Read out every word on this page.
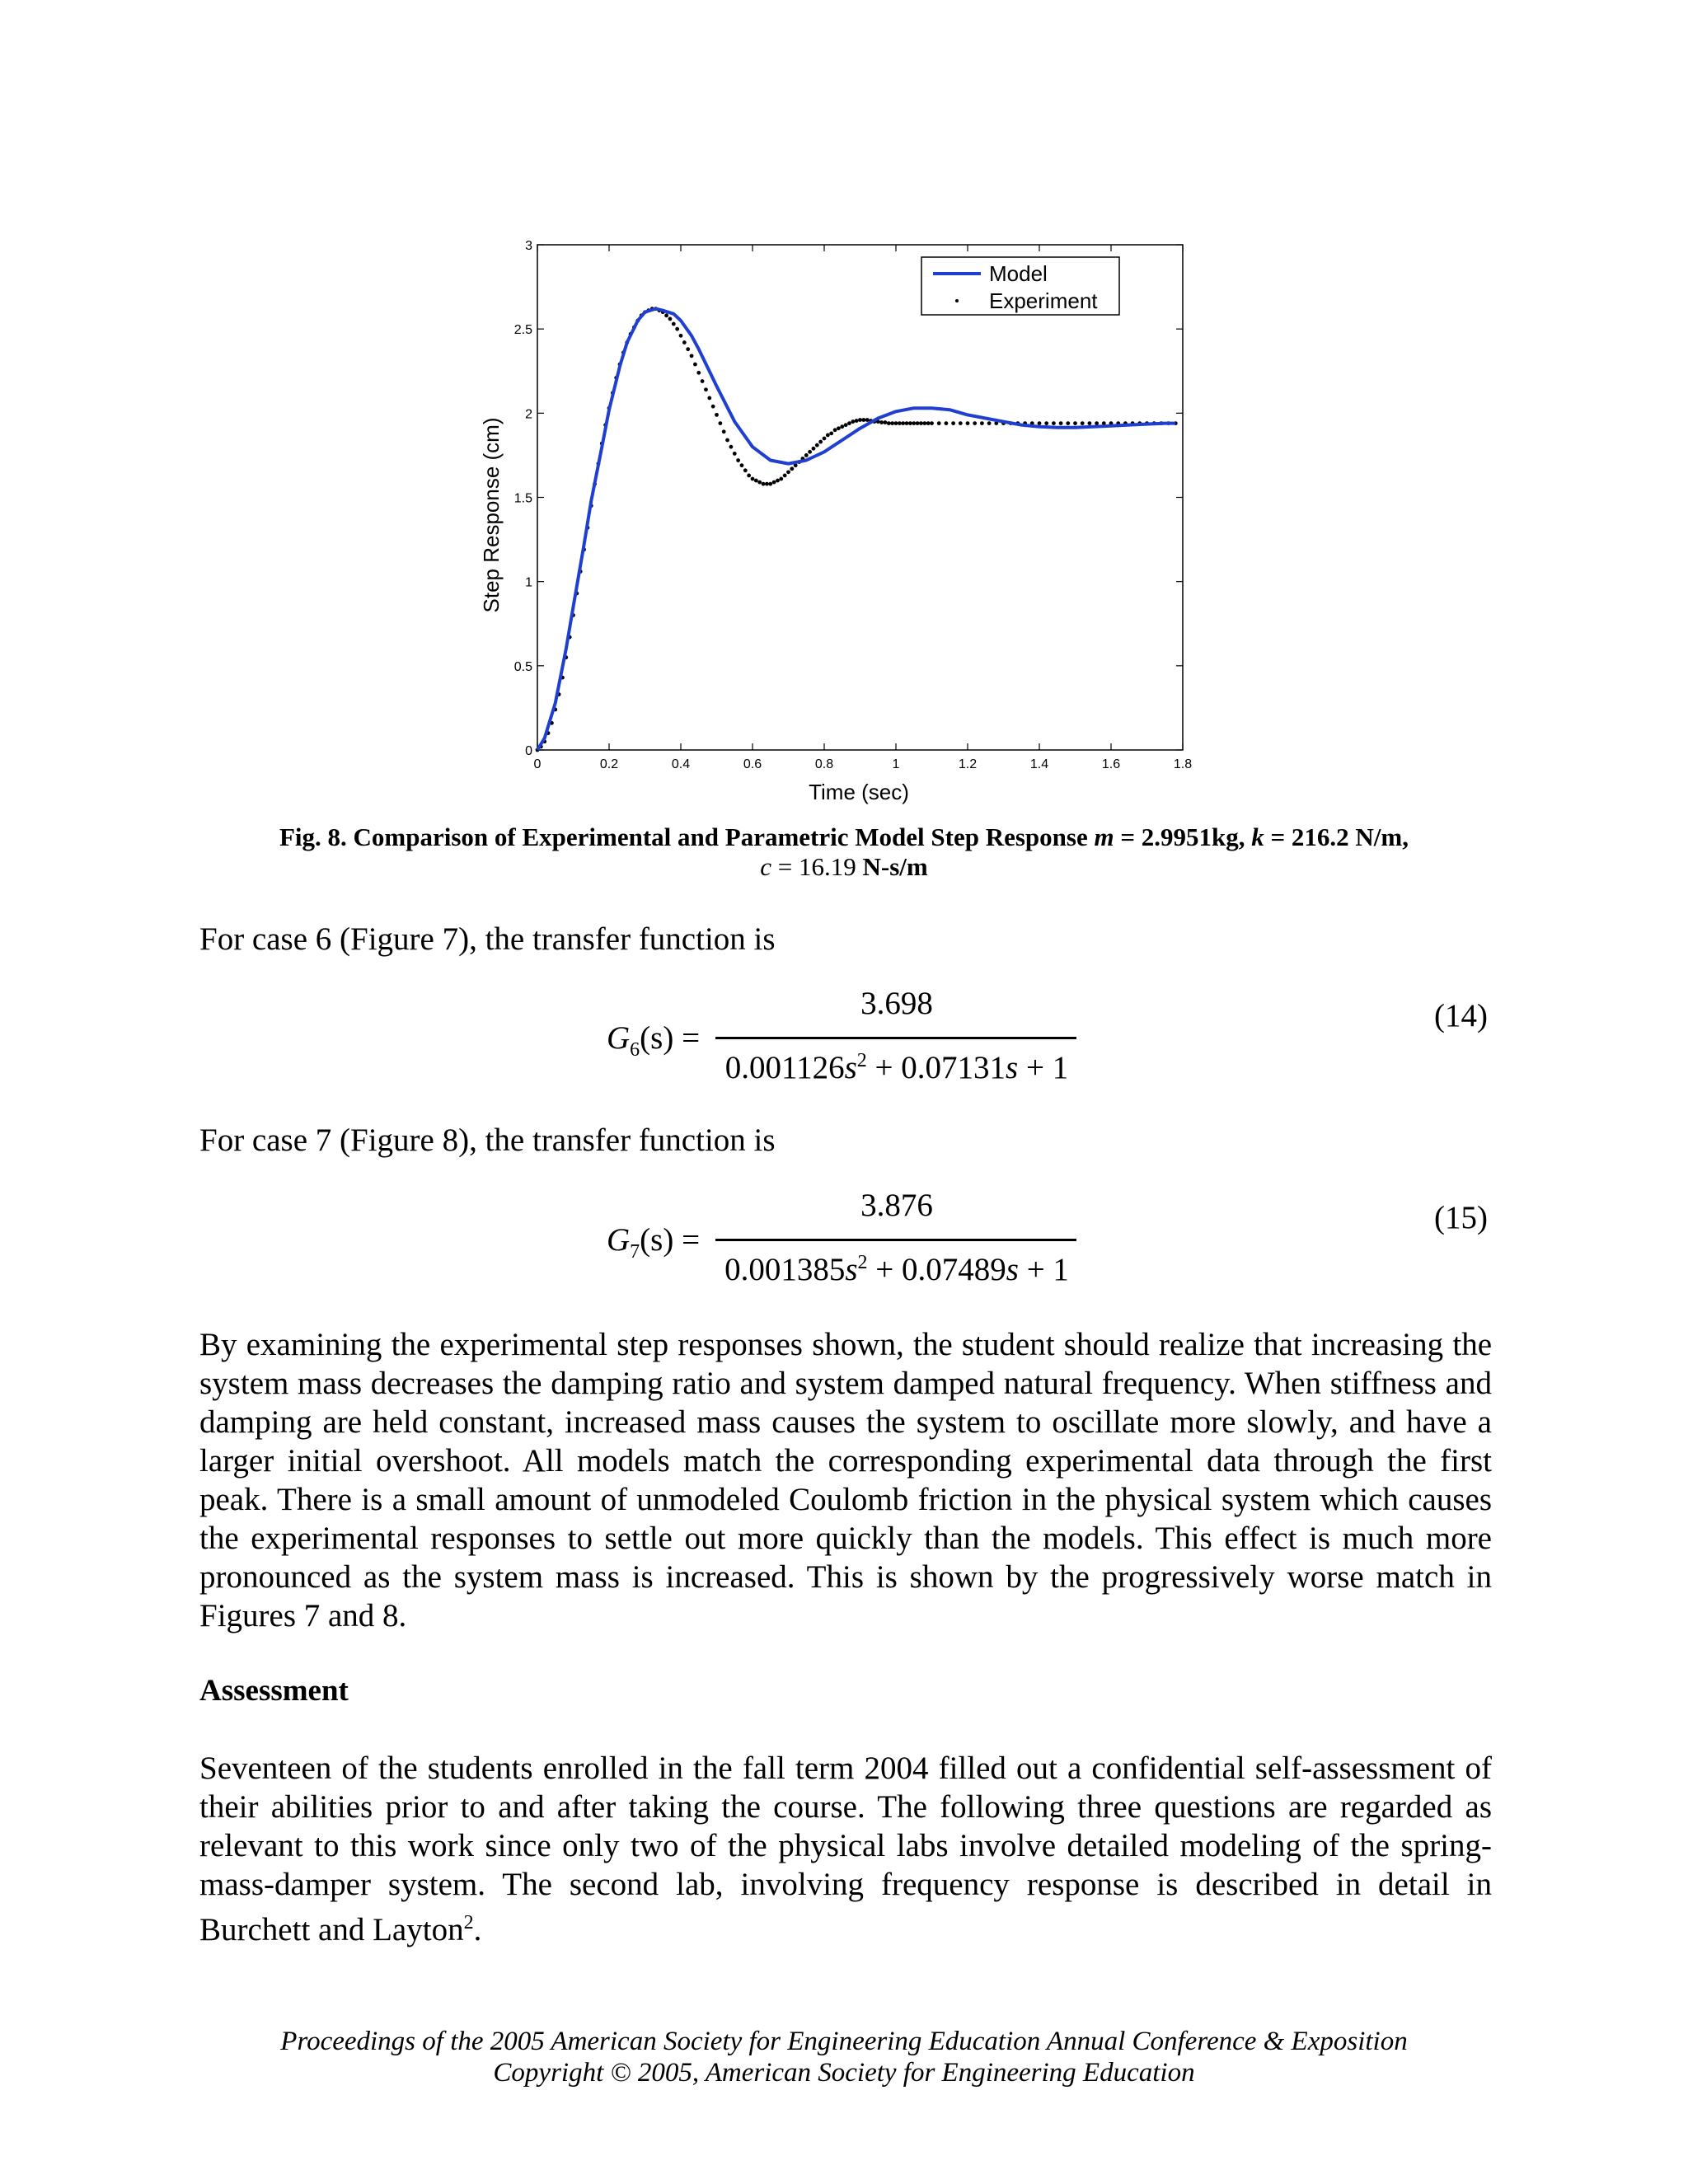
0
0.5
1
1.5
2
2.5
3
0	0.2	0.4	0.6	0.8	1	1.2	1.4	1.6	1.8
Time (sec)
Step Response (cm)
Model
Experiment
Fig. 8. Comparison of Experimental and Parametric Model Step Response m = 2.9951kg, k = 216.2 N/m,
c = 16.19 N-s/m
For case 6 (Figure 7), the transfer function is
$G_6(s)$ =
3.698
$0.001126s^2 + 0.07131s + 1$
(14)
For case 7 (Figure 8), the transfer function is
$G_7(s)$ =
3.876
$0.001385s^2 + 0.07489s + 1$
(15)
By examining the experimental step responses shown, the student should realize that increasing the system mass decreases the damping ratio and system damped natural frequency. When stiffness and damping are held constant, increased mass causes the system to oscillate more slowly, and have a larger initial overshoot. All models match the corresponding experimental data through the first peak. There is a small amount of unmodeled Coulomb friction in the physical system which causes the experimental responses to settle out more quickly than the models. This effect is much more pronounced as the system mass is increased. This is shown by the progressively worse match in Figures 7 and 8.
Assessment
Seventeen of the students enrolled in the fall term 2004 filled out a confidential self-assessment of their abilities prior to and after taking the course. The following three questions are regarded as relevant to this work since only two of the physical labs involve detailed modeling of the spring-mass-damper system. The second lab, involving frequency response is described in detail in Burchett and Layton$^2$.
Proceedings of the 2005 American Society for Engineering Education Annual Conference & Exposition
Copyright © 2005, American Society for Engineering Education
